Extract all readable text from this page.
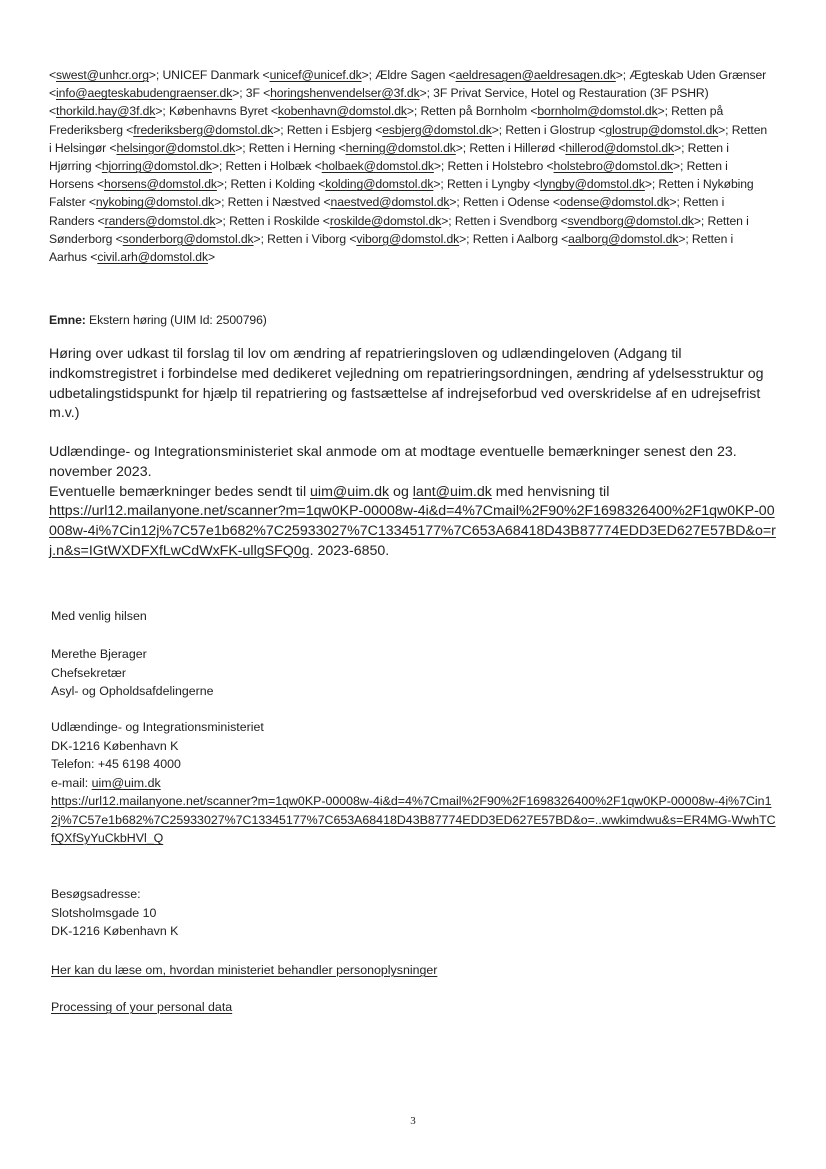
<swest@unhcr.org>; UNICEF Danmark <unicef@unicef.dk>; Ældre Sagen <aeldresagen@aeldresagen.dk>; Ægteskab Uden Grænser <info@aegteskabudengraenser.dk>; 3F <horingshenvendelser@3f.dk>; 3F Privat Service, Hotel og Restauration (3F PSHR) <thorkild.hay@3f.dk>; Københavns Byret <kobenhavn@domstol.dk>; Retten på Bornholm <bornholm@domstol.dk>; Retten på Frederiksberg <frederiksberg@domstol.dk>; Retten i Esbjerg <esbjerg@domstol.dk>; Retten i Glostrup <glostrup@domstol.dk>; Retten i Helsingør <helsingor@domstol.dk>; Retten i Herning <herning@domstol.dk>; Retten i Hillerød <hillerod@domstol.dk>; Retten i Hjørring <hjorring@domstol.dk>; Retten i Holbæk <holbaek@domstol.dk>; Retten i Holstebro <holstebro@domstol.dk>; Retten i Horsens <horsens@domstol.dk>; Retten i Kolding <kolding@domstol.dk>; Retten i Lyngby <lyngby@domstol.dk>; Retten i Nykøbing Falster <nykobing@domstol.dk>; Retten i Næstved <naestved@domstol.dk>; Retten i Odense <odense@domstol.dk>; Retten i Randers <randers@domstol.dk>; Retten i Roskilde <roskilde@domstol.dk>; Retten i Svendborg <svendborg@domstol.dk>; Retten i Sønderborg <sonderborg@domstol.dk>; Retten i Viborg <viborg@domstol.dk>; Retten i Aalborg <aalborg@domstol.dk>; Retten i Aarhus <civil.arh@domstol.dk>
Emne: Ekstern høring (UIM Id: 2500796)
Høring over udkast til forslag til lov om ændring af repatrieringsloven og udlændingeloven (Adgang til indkomstregistret i forbindelse med dedikeret vejledning om repatrieringsordningen, ændring af ydelsesstruktur og udbetalingstidspunkt for hjælp til repatriering og fastsættelse af indrejseforbud ved overskridelse af en udrejsefrist m.v.)
Udlændinge- og Integrationsministeriet skal anmode om at modtage eventuelle bemærkninger senest den 23. november 2023.
Eventuelle bemærkninger bedes sendt til uim@uim.dk og lant@uim.dk med henvisning til
https://url12.mailanyone.net/scanner?m=1qw0KP-00008w-4i&d=4%7Cmail%2F90%2F1698326400%2F1qw0KP-00008w-4i%7Cin12j%7C57e1b682%7C25933027%7C13345177%7C653A68418D43B87774EDD3ED627E57BD&o=rj.n&s=IGtWXDFXfLwCdWxFK-ullgSFQ0g. 2023-6850.
Med venlig hilsen
Merethe Bjerager
Chefsekretær
Asyl- og Opholdsafdelingerne
Udlændinge- og Integrationsministeriet
DK-1216 København K
Telefon: +45 6198 4000
e-mail: uim@uim.dk
https://url12.mailanyone.net/scanner?m=1qw0KP-00008w-4i&d=4%7Cmail%2F90%2F1698326400%2F1qw0KP-00008w-4i%7Cin12j%7C57e1b682%7C25933027%7C13345177%7C653A68418D43B87774EDD3ED627E57BD&o=..wwkimdwu&s=ER4MG-WwhTCfQXfSyYuCkbHVl_Q
Besøgsadresse:
Slotsholmsgade 10
DK-1216 København K
Her kan du læse om, hvordan ministeriet behandler personoplysninger
Processing of your personal data
3
